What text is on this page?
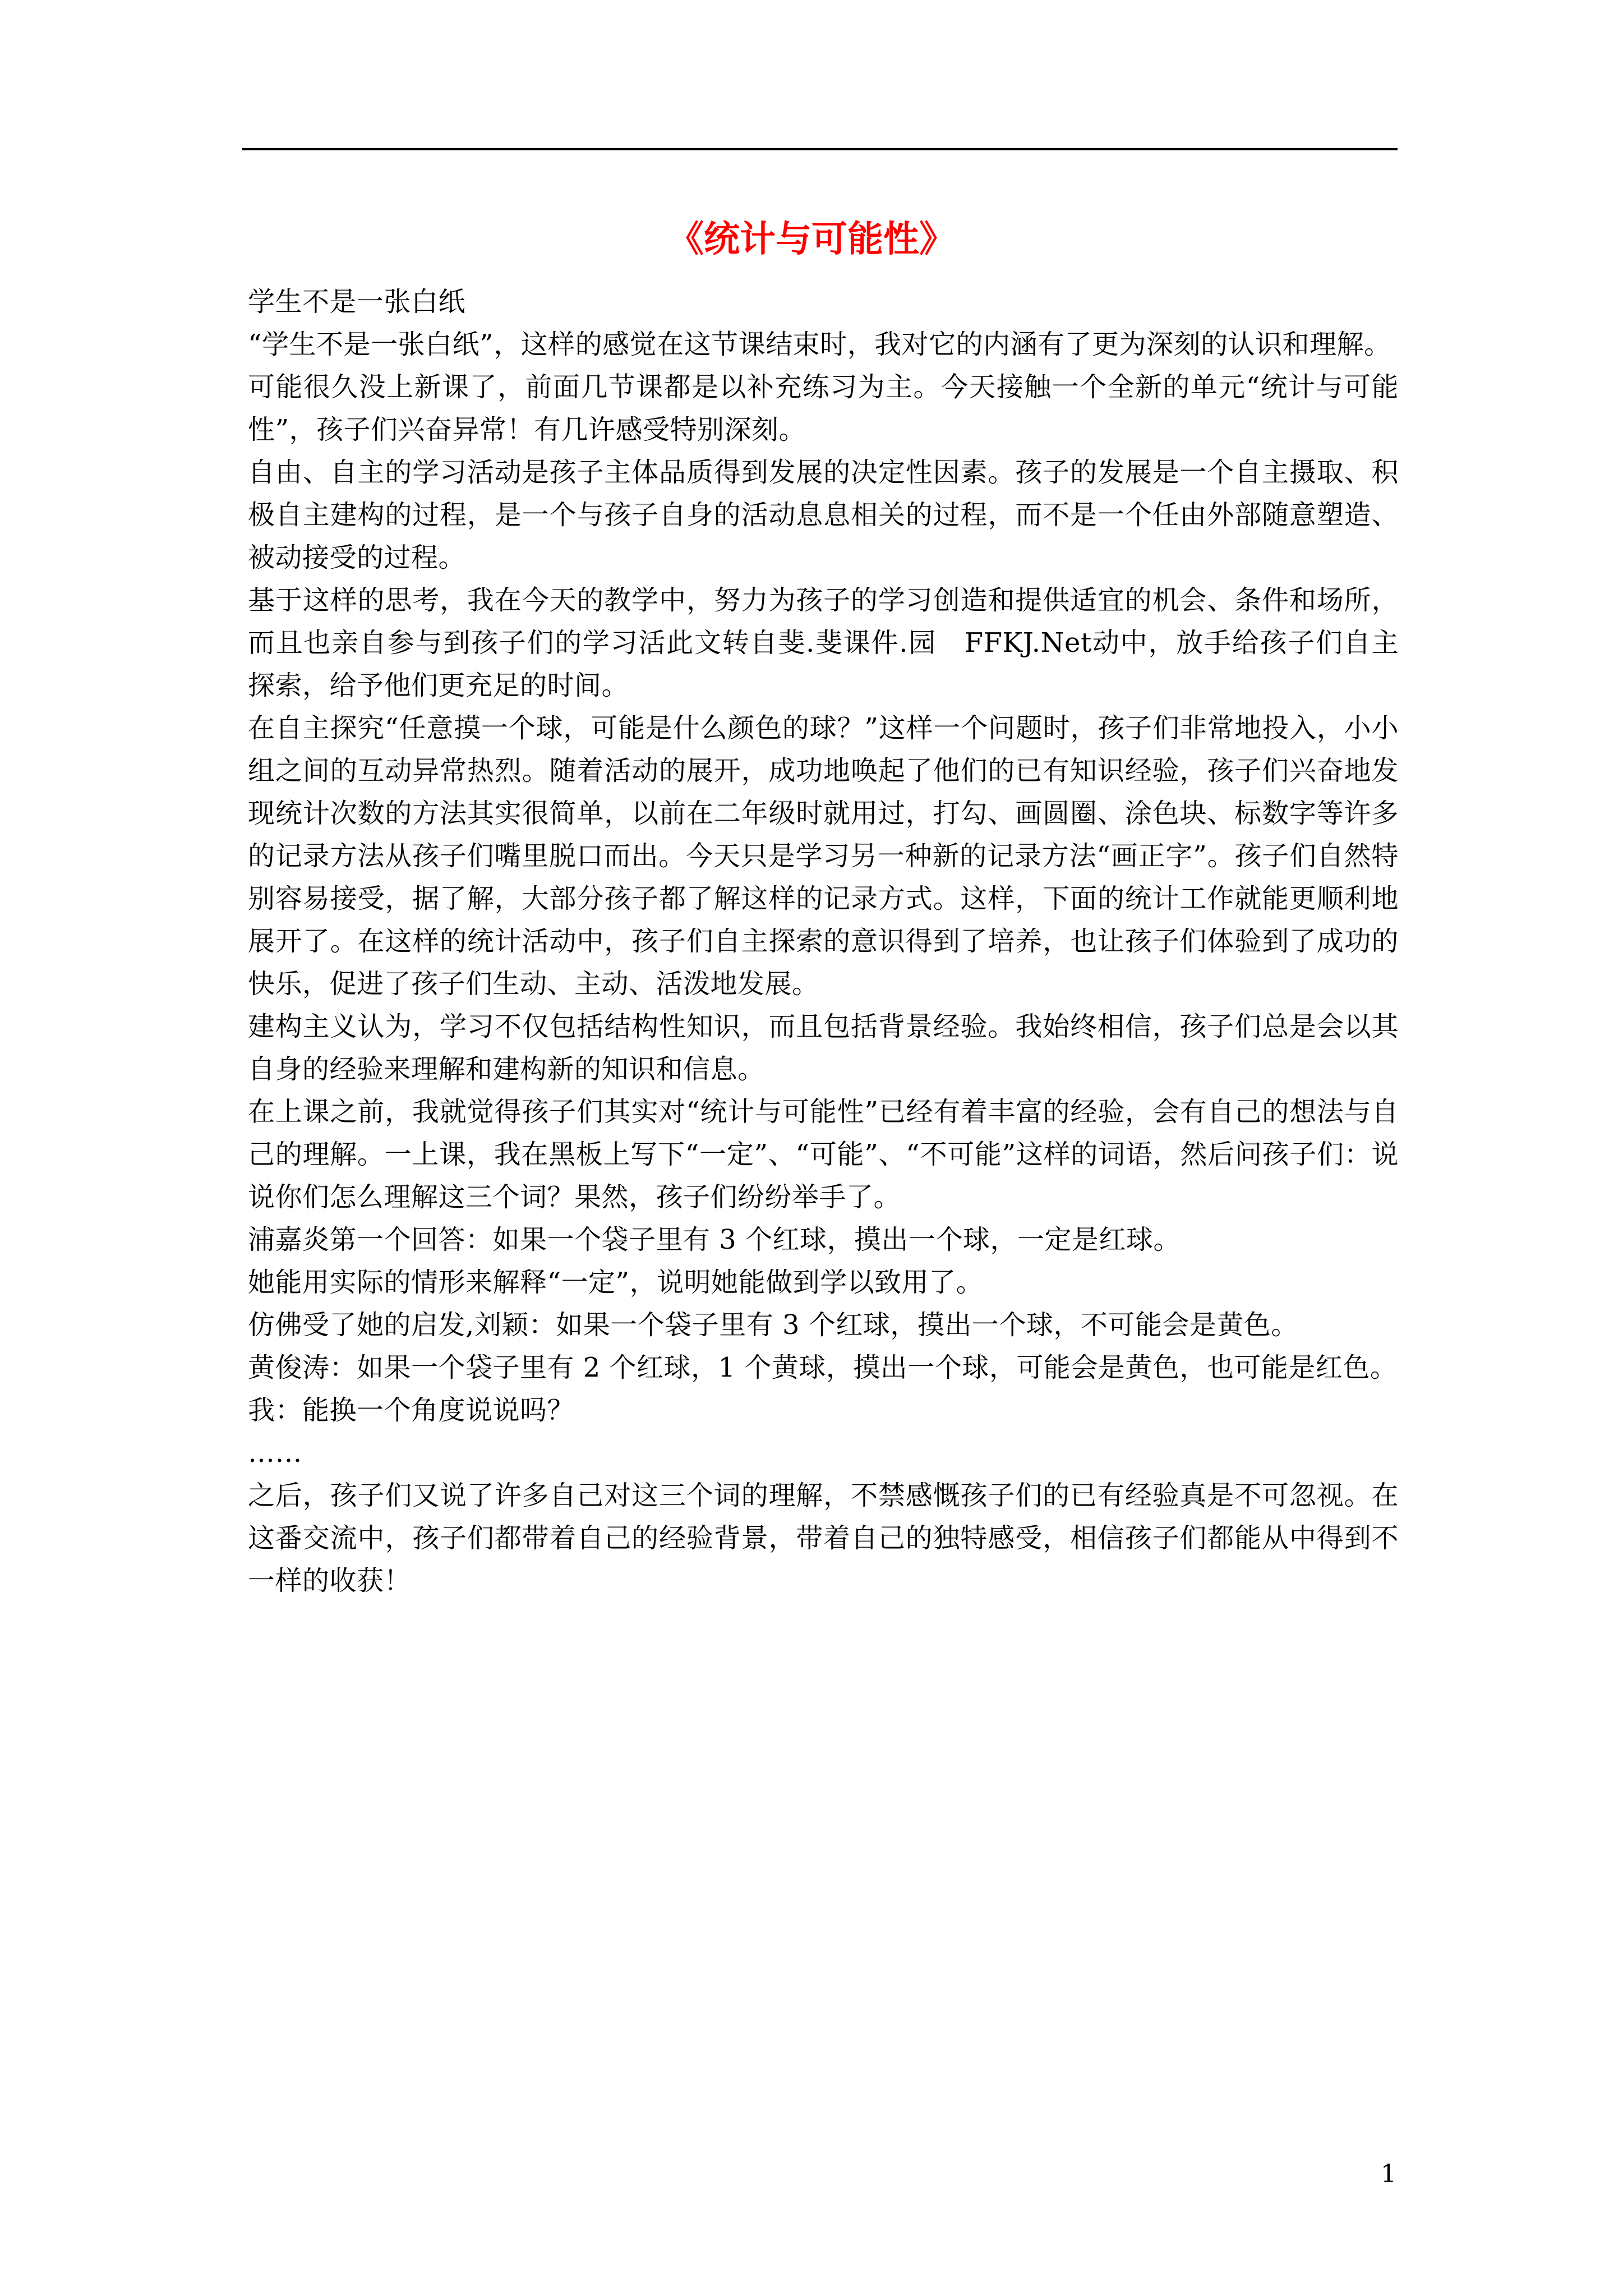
《统计与可能性》

学生不是一张白纸

“学生不是一张白纸”，这样的感觉在这节课结束时，我对它的内涵有了更为深刻的认识和理解。

可能很久没上新课了，前面几节课都是以补充练习为主。今天接触一个全新的单元“统计与可能性”，孩子们兴奋异常！有几许感受特别深刻。

自由、自主的学习活动是孩子主体品质得到发展的决定性因素。孩子的发展是一个自主摄取、积极自主建构的过程，是一个与孩子自身的活动息息相关的过程，而不是一个任由外部随意塑造、被动接受的过程。

基于这样的思考，我在今天的教学中，努力为孩子的学习创造和提供适宜的机会、条件和场所，而且也亲自参与到孩子们的学习活此文转自斐.斐课件.园　FFKJ.Net动中，放手给孩子们自主探索，给予他们更充足的时间。

在自主探究“任意摸一个球，可能是什么颜色的球？”这样一个问题时，孩子们非常地投入，小小组之间的互动异常热烈。随着活动的展开，成功地唤起了他们的已有知识经验，孩子们兴奋地发现统计次数的方法其实很简单，以前在二年级时就用过，打勾、画圆圈、涂色块、标数字等许多的记录方法从孩子们嘴里脱口而出。今天只是学习另一种新的记录方法“画正字”。孩子们自然特别容易接受，据了解，大部分孩子都了解这样的记录方式。这样，下面的统计工作就能更顺利地展开了。在这样的统计活动中，孩子们自主探索的意识得到了培养，也让孩子们体验到了成功的快乐，促进了孩子们生动、主动、活泼地发展。

建构主义认为，学习不仅包括结构性知识，而且包括背景经验。我始终相信，孩子们总是会以其自身的经验来理解和建构新的知识和信息。

在上课之前，我就觉得孩子们其实对“统计与可能性”已经有着丰富的经验，会有自己的想法与自己的理解。一上课，我在黑板上写下“一定”、“可能”、“不可能”这样的词语，然后问孩子们：说说你们怎么理解这三个词？果然，孩子们纷纷举手了。

浦嘉炎第一个回答：如果一个袋子里有 3 个红球，摸出一个球，一定是红球。

她能用实际的情形来解释“一定”，说明她能做到学以致用了。

仿佛受了她的启发,刘颖：如果一个袋子里有 3 个红球，摸出一个球，不可能会是黄色。

黄俊涛：如果一个袋子里有 2 个红球，1 个黄球，摸出一个球，可能会是黄色，也可能是红色。

我：能换一个角度说说吗？

……

之后，孩子们又说了许多自己对这三个词的理解，不禁感慨孩子们的已有经验真是不可忽视。在这番交流中，孩子们都带着自己的经验背景，带着自己的独特感受，相信孩子们都能从中得到不一样的收获！

1
